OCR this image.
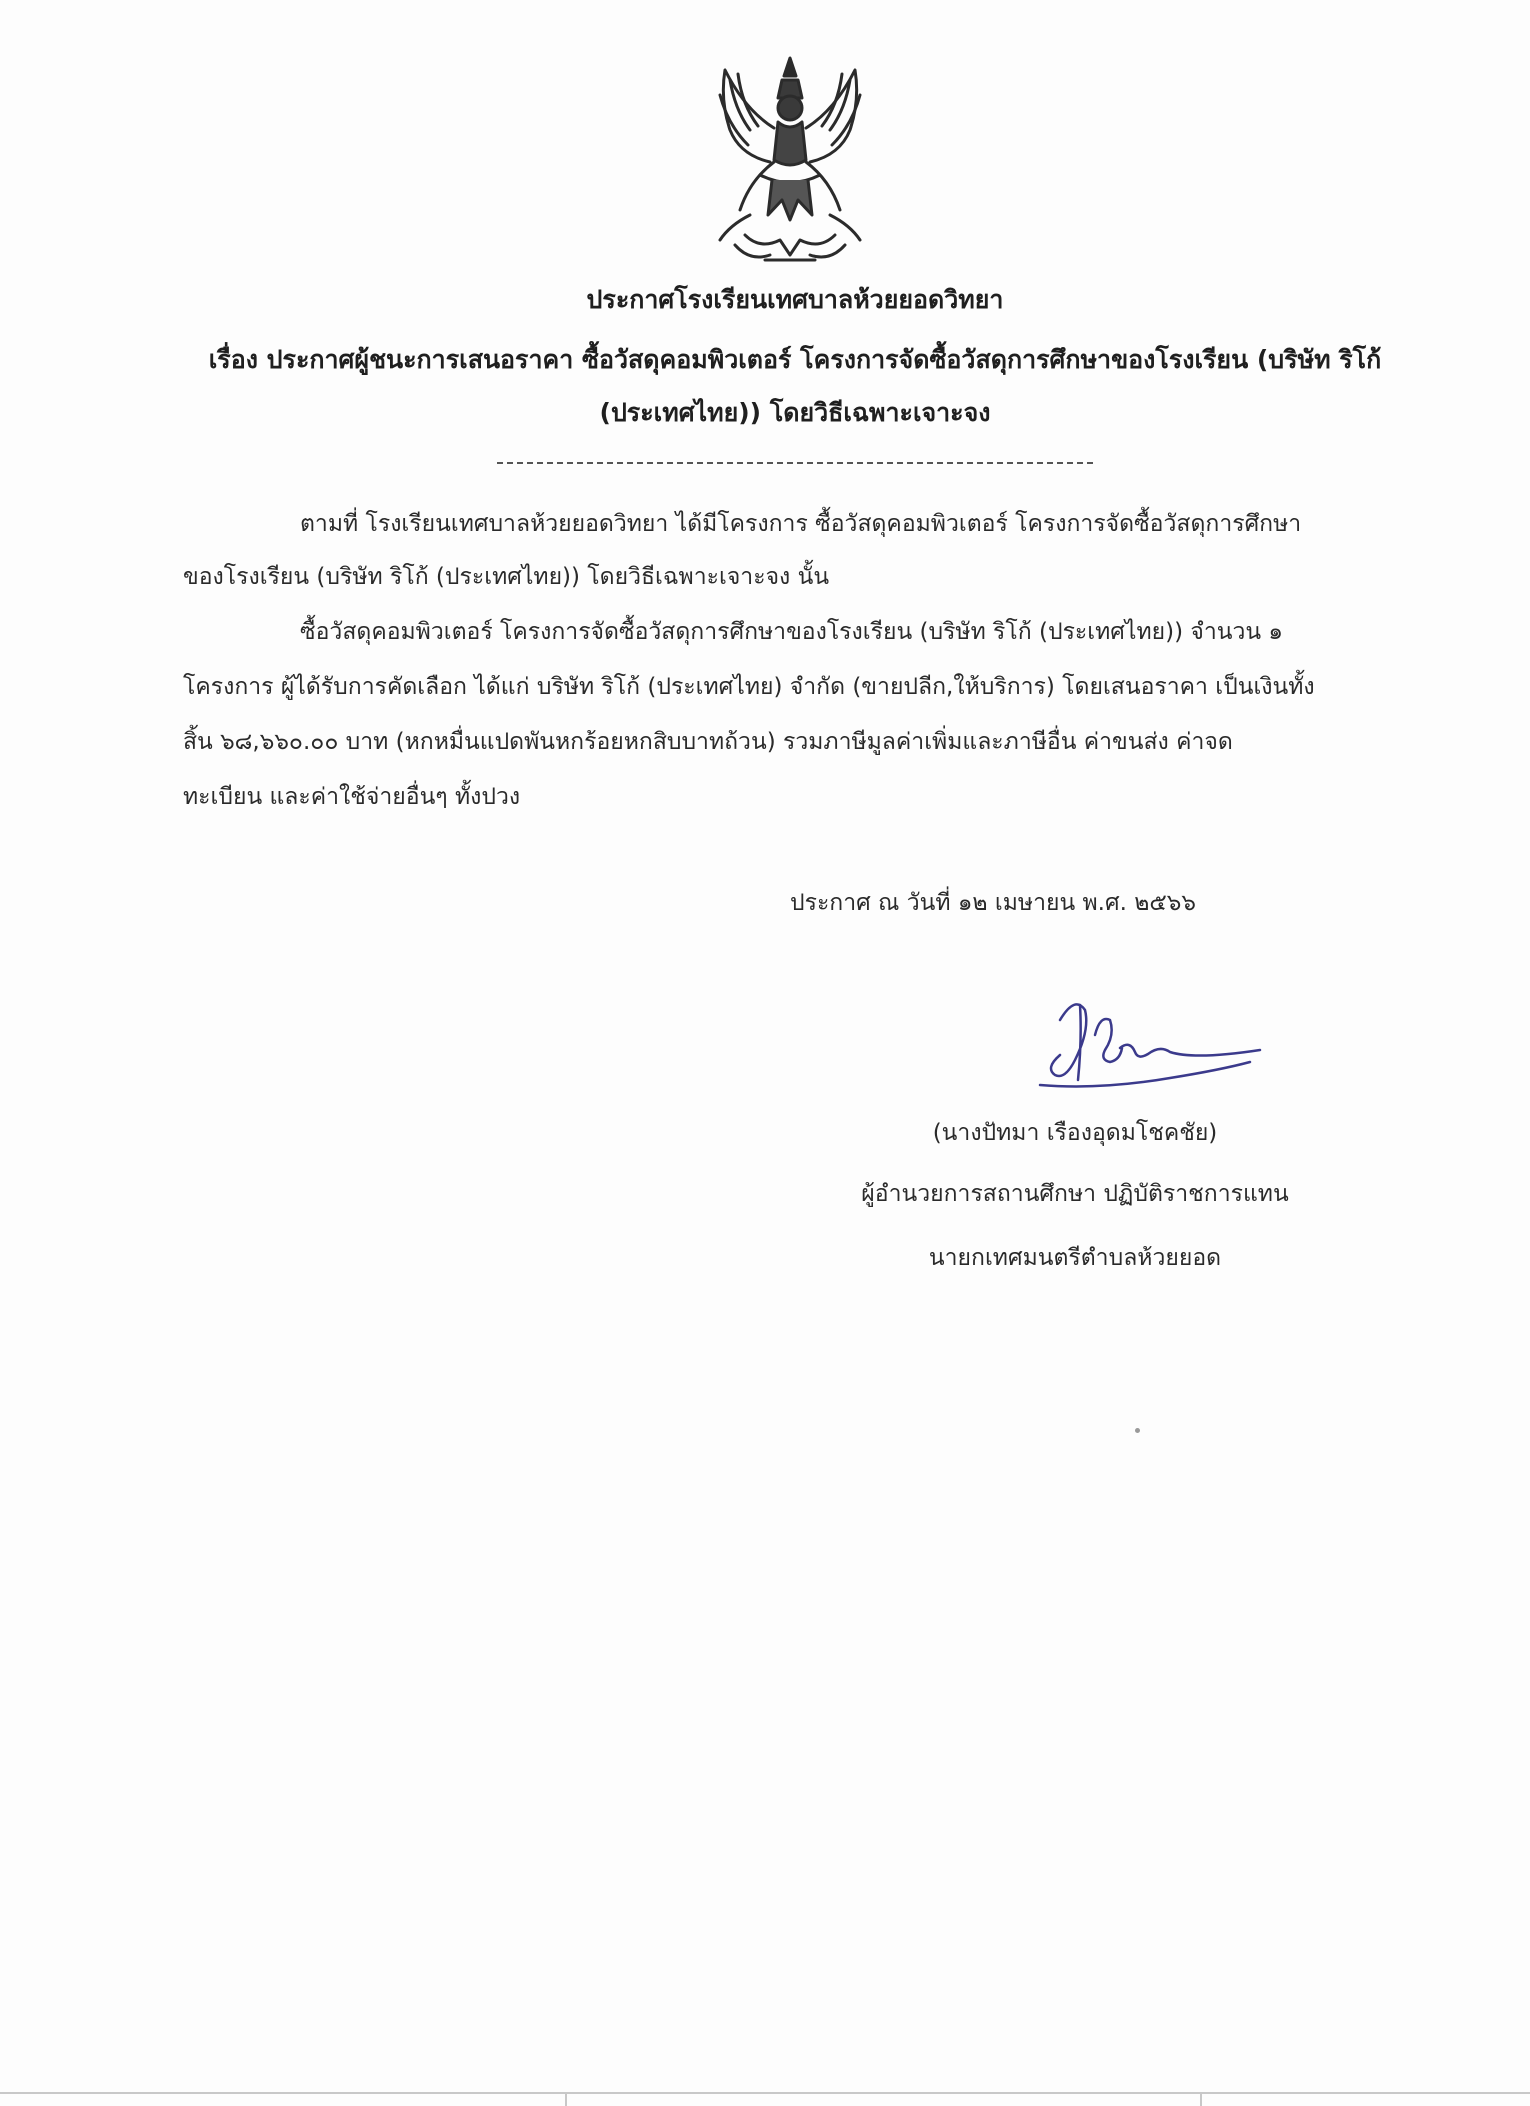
ประกาศโรงเรียนเทศบาลห้วยยอดวิทยา
เรื่อง ประกาศผู้ชนะการเสนอราคา ซื้อวัสดุคอมพิวเตอร์ โครงการจัดซื้อวัสดุการศึกษาของโรงเรียน (บริษัท ริโก้
(ประเทศไทย)) โดยวิธีเฉพาะเจาะจง
ตามที่ โรงเรียนเทศบาลห้วยยอดวิทยา ได้มีโครงการ ซื้อวัสดุคอมพิวเตอร์ โครงการจัดซื้อวัสดุการศึกษา
ของโรงเรียน (บริษัท ริโก้ (ประเทศไทย)) โดยวิธีเฉพาะเจาะจง นั้น
ซื้อวัสดุคอมพิวเตอร์ โครงการจัดซื้อวัสดุการศึกษาของโรงเรียน (บริษัท ริโก้ (ประเทศไทย)) จำนวน ๑
โครงการ ผู้ได้รับการคัดเลือก ได้แก่ บริษัท ริโก้ (ประเทศไทย) จำกัด (ขายปลีก,ให้บริการ) โดยเสนอราคา เป็นเงินทั้ง
สิ้น ๖๘,๖๖๐.๐๐ บาท (หกหมื่นแปดพันหกร้อยหกสิบบาทถ้วน) รวมภาษีมูลค่าเพิ่มและภาษีอื่น ค่าขนส่ง ค่าจด
ทะเบียน และค่าใช้จ่ายอื่นๆ ทั้งปวง
ประกาศ ณ วันที่ ๑๒ เมษายน พ.ศ. ๒๕๖๖
(นางปัทมา เรืองอุดมโชคชัย)
ผู้อำนวยการสถานศึกษา ปฏิบัติราชการแทน
นายกเทศมนตรีตำบลห้วยยอด
